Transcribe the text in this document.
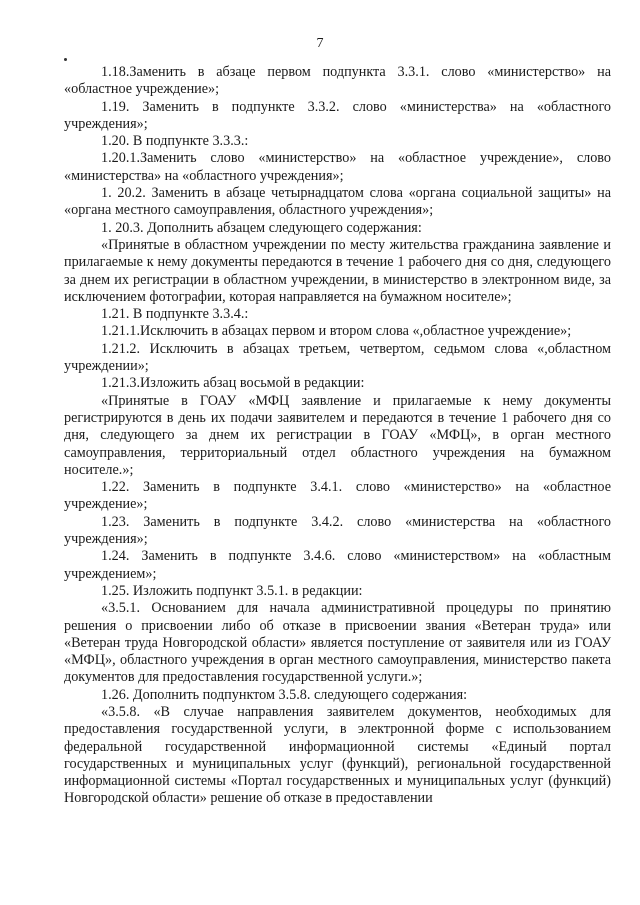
7

1.18.Заменить в абзаце первом подпункта 3.3.1. слово «министерство» на «областное учреждение»;

1.19. Заменить в подпункте 3.3.2. слово «министерства» на «областного учреждения»;

1.20. В подпункте 3.3.3.:

1.20.1.Заменить слово «министерство» на «областное учреждение», слово «министерства» на «областного учреждения»;

1. 20.2. Заменить в абзаце четырнадцатом слова «органа социальной защиты» на «органа местного самоуправления, областного учреждения»;

1. 20.3. Дополнить абзацем следующего содержания:

«Принятые в областном учреждении по месту жительства гражданина заявление и прилагаемые к нему документы передаются в течение 1 рабочего дня со дня, следующего за днем их регистрации в областном учреждении, в министерство в электронном виде, за исключением фотографии, которая направляется на бумажном носителе»;

1.21. В подпункте 3.3.4.:

1.21.1.Исключить в абзацах первом и втором слова «,областное учреждение»;

1.21.2. Исключить в абзацах третьем, четвертом, седьмом слова «,областном учреждении»;

1.21.3.Изложить абзац восьмой в редакции:

«Принятые в ГОАУ «МФЦ заявление и прилагаемые к нему документы регистрируются в день их подачи заявителем и передаются в течение 1 рабочего дня со дня, следующего за днем их регистрации в ГОАУ «МФЦ», в орган местного самоуправления, территориальный отдел областного учреждения на бумажном носителе.»;

1.22. Заменить в подпункте 3.4.1. слово «министерство» на «областное учреждение»;

1.23. Заменить в подпункте 3.4.2. слово «министерства на «областного учреждения»;

1.24. Заменить в подпункте 3.4.6. слово «министерством» на «областным учреждением»;

1.25. Изложить подпункт 3.5.1. в редакции:

«3.5.1. Основанием для начала административной процедуры по принятию решения о присвоении либо об отказе в присвоении звания «Ветеран труда» или «Ветеран труда Новгородской области» является поступление от заявителя или из ГОАУ «МФЦ», областного учреждения в орган местного самоуправления, министерство пакета документов для предоставления государственной услуги.»;

1.26. Дополнить подпунктом 3.5.8. следующего содержания:

«3.5.8. «В случае направления заявителем документов, необходимых для предоставления государственной услуги, в электронной форме с использованием федеральной государственной информационной системы «Единый портал государственных и муниципальных услуг (функций), региональной государственной информационной системы «Портал государственных и муниципальных услуг (функций) Новгородской области» решение об отказе в предоставлении
